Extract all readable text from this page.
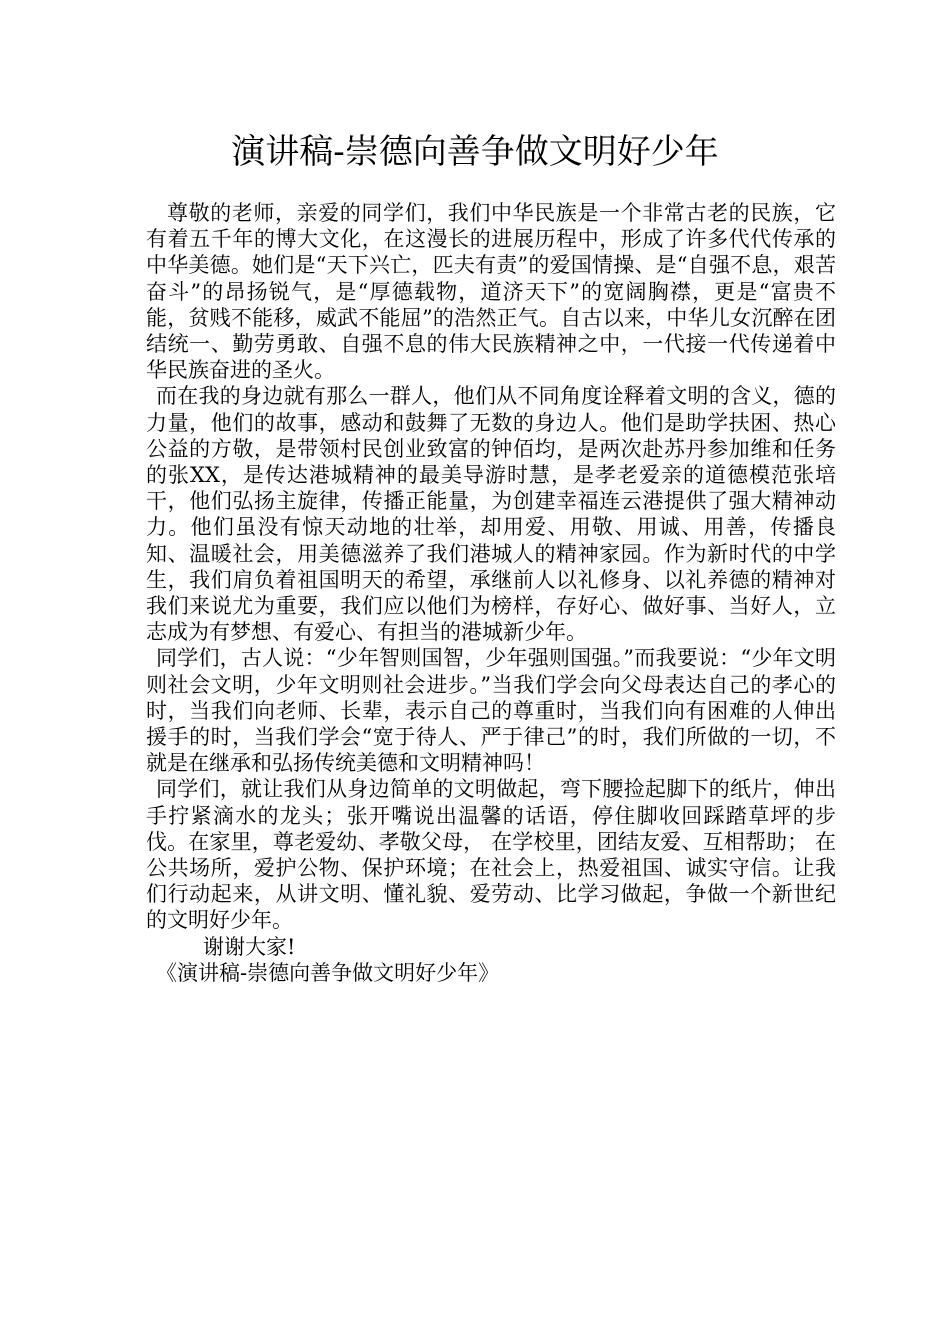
演讲稿-崇德向善争做文明好少年

尊敬的老师，亲爱的同学们，我们中华民族是一个非常古老的民族，它有着五千年的博大文化，在这漫长的进展历程中，形成了许多代代传承的中华美德。她们是“天下兴亡，匹夫有责”的爱国情操、是“自强不息，艰苦奋斗”的昂扬锐气，是“厚德载物，道济天下”的宽阔胸襟，更是“富贵不能，贫贱不能移，威武不能屈”的浩然正气。自古以来，中华儿女沉醉在团结统一、勤劳勇敢、自强不息的伟大民族精神之中，一代接一代传递着中华民族奋进的圣火。

而在我的身边就有那么一群人，他们从不同角度诠释着文明的含义，德的力量，他们的故事，感动和鼓舞了无数的身边人。他们是助学扶困、热心公益的方敬，是带领村民创业致富的钟佰均，是两次赴苏丹参加维和任务的张XX，是传达港城精神的最美导游时慧，是孝老爱亲的道德模范张培干，他们弘扬主旋律，传播正能量，为创建幸福连云港提供了强大精神动力。他们虽没有惊天动地的壮举，却用爱、用敬、用诚、用善，传播良知、温暖社会，用美德滋养了我们港城人的精神家园。作为新时代的中学生，我们肩负着祖国明天的希望，承继前人以礼修身、以礼养德的精神对我们来说尤为重要，我们应以他们为榜样，存好心、做好事、当好人，立志成为有梦想、有爱心、有担当的港城新少年。

同学们，古人说：“少年智则国智，少年强则国强。”而我要说：“少年文明则社会文明，少年文明则社会进步。”当我们学会向父母表达自己的孝心的时，当我们向老师、长辈，表示自己的尊重时，当我们向有困难的人伸出援手的时，当我们学会“宽于待人、严于律己”的时，我们所做的一切，不就是在继承和弘扬传统美德和文明精神吗！

同学们，就让我们从身边简单的文明做起，弯下腰捡起脚下的纸片，伸出手拧紧滴水的龙头；张开嘴说出温馨的话语，停住脚收回踩踏草坪的步伐。在家里，尊老爱幼、孝敬父母， 在学校里，团结友爱、互相帮助； 在公共场所，爱护公物、保护环境；在社会上，热爱祖国、诚实守信。让我们行动起来，从讲文明、懂礼貌、爱劳动、比学习做起，争做一个新世纪的文明好少年。

谢谢大家!

《演讲稿-崇德向善争做文明好少年》
